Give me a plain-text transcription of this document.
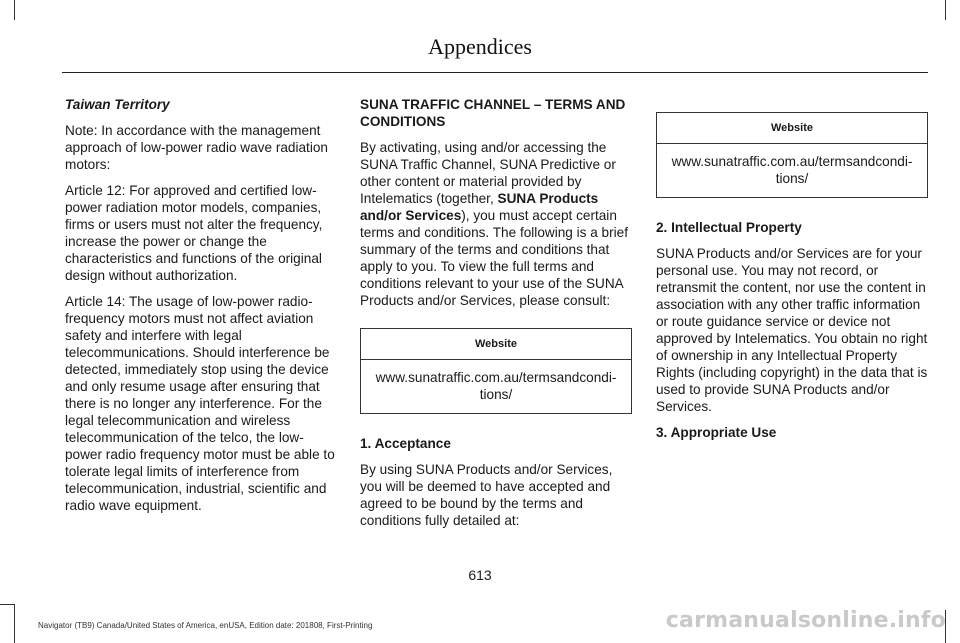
Appendices

Taiwan Territory

Note: In accordance with the management approach of low-power radio wave radiation motors:

Article 12: For approved and certified low-power radiation motor models, companies, firms or users must not alter the frequency, increase the power or change the characteristics and functions of the original design without authorization.

Article 14: The usage of low-power radio-frequency motors must not affect aviation safety and interfere with legal telecommunications. Should interference be detected, immediately stop using the device and only resume usage after ensuring that there is no longer any interference. For the legal telecommunication and wireless telecommunication of the telco, the low-power radio frequency motor must be able to tolerate legal limits of interference from telecommunication, industrial, scientific and radio wave equipment.

SUNA TRAFFIC CHANNEL – TERMS AND CONDITIONS

By activating, using and/or accessing the SUNA Traffic Channel, SUNA Predictive or other content or material provided by Intelematics (together, SUNA Products and/or Services), you must accept certain terms and conditions. The following is a brief summary of the terms and conditions that apply to you. To view the full terms and conditions relevant to your use of the SUNA Products and/or Services, please consult:

Website
www.sunatraffic.com.au/termsandcondi-tions/

1. Acceptance

By using SUNA Products and/or Services, you will be deemed to have accepted and agreed to be bound by the terms and conditions fully detailed at:

Website
www.sunatraffic.com.au/termsandcondi-tions/

2. Intellectual Property

SUNA Products and/or Services are for your personal use. You may not record, or retransmit the content, nor use the content in association with any other traffic information or route guidance service or device not approved by Intelematics. You obtain no right of ownership in any Intellectual Property Rights (including copyright) in the data that is used to provide SUNA Products and/or Services.

3. Appropriate Use

613
Navigator (TB9) Canada/United States of America, enUSA, Edition date: 201808, First-Printing	carmanualsonline.info
